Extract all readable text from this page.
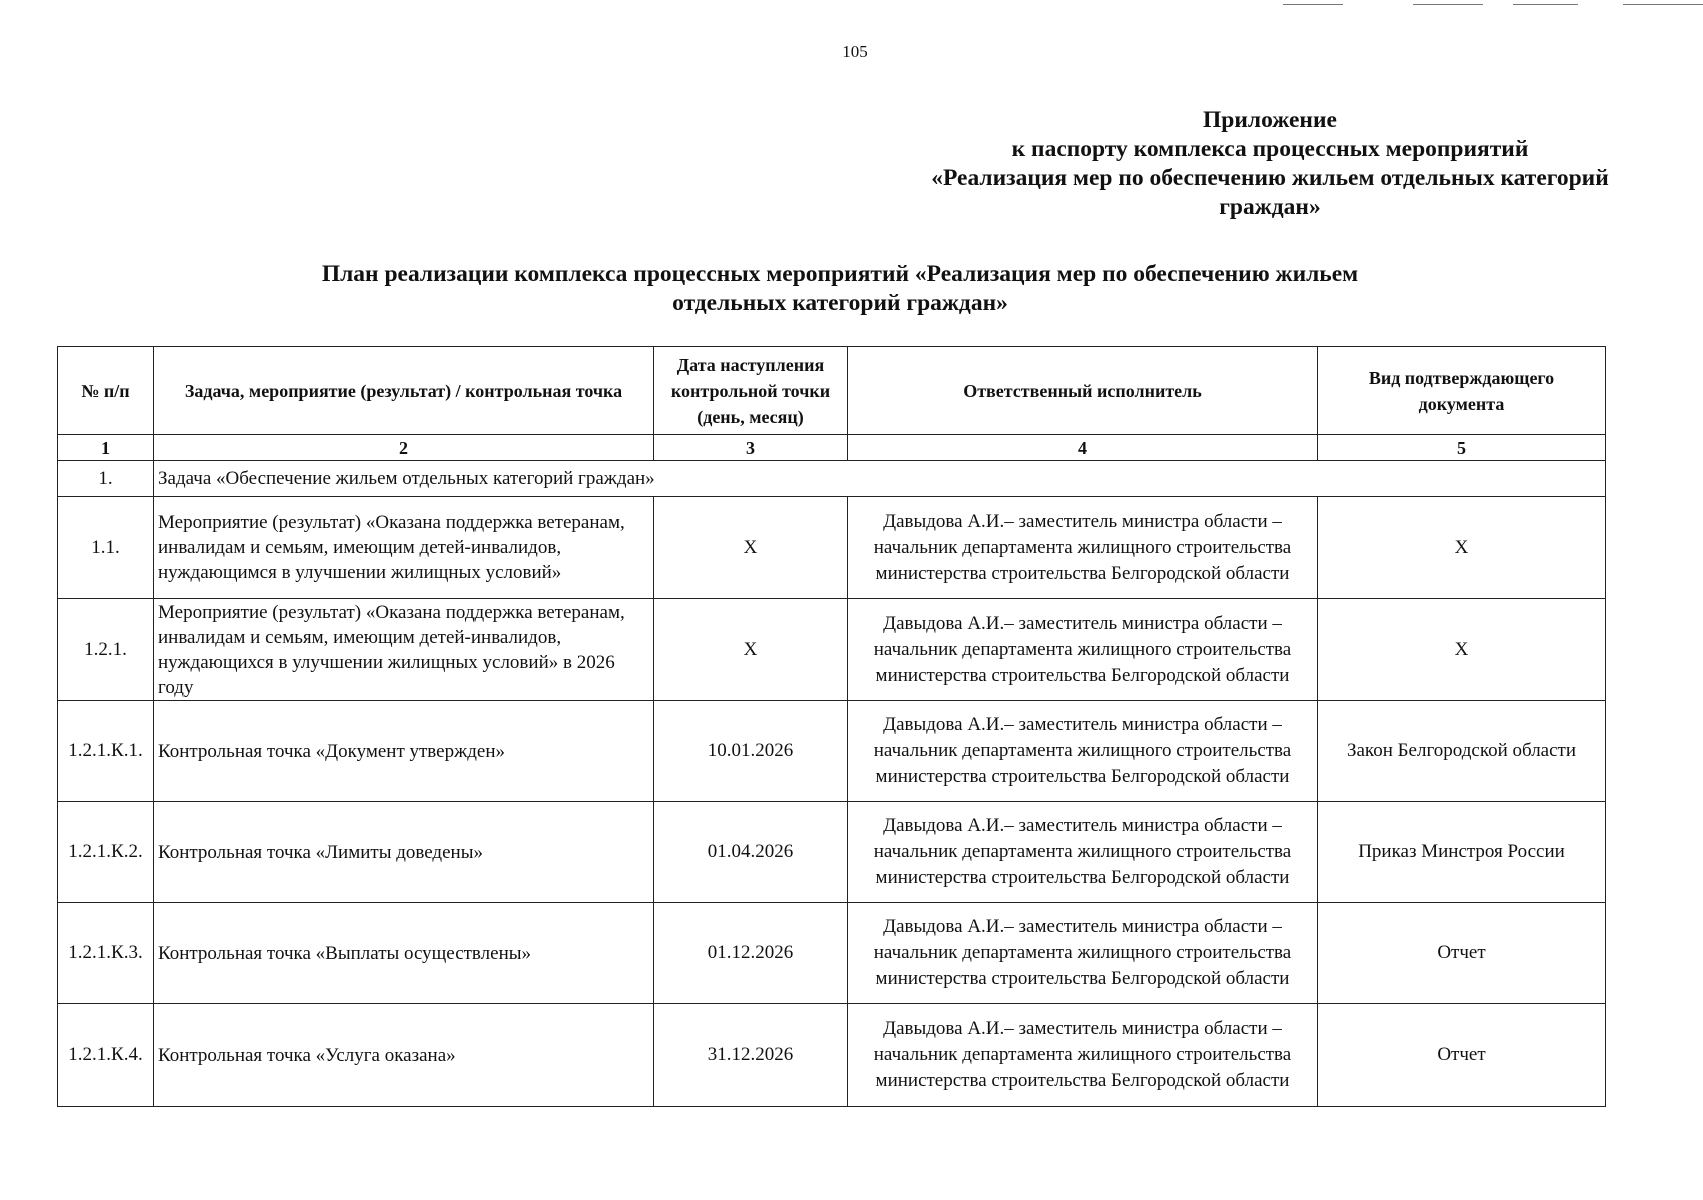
105
Приложение
к паспорту комплекса процессных мероприятий
«Реализация мер по обеспечению жильем отдельных категорий
граждан»
План реализации комплекса процессных мероприятий «Реализация мер по обеспечению жильем
отдельных категорий граждан»
№ п/п	Задача, мероприятие (результат) / контрольная точка	Дата наступления контрольной точки (день, месяц)	Ответственный исполнитель	Вид подтверждающего документа
1	2	3	4	5
1.	Задача «Обеспечение жильем отдельных категорий граждан»			
1.1.	Мероприятие (результат) «Оказана поддержка ветеранам, инвалидам и семьям, имеющим детей-инвалидов, нуждающимся в улучшении жилищных условий»	X	Давыдова А.И.– заместитель министра области – начальник департамента жилищного строительства министерства строительства Белгородской области	X
1.2.1.	Мероприятие (результат) «Оказана поддержка ветеранам, инвалидам и семьям, имеющим детей-инвалидов, нуждающихся в улучшении жилищных условий» в 2026 году	X	Давыдова А.И.– заместитель министра области – начальник департамента жилищного строительства министерства строительства Белгородской области	X
1.2.1.К.1.	Контрольная точка «Документ утвержден»	10.01.2026	Давыдова А.И.– заместитель министра области – начальник департамента жилищного строительства министерства строительства Белгородской области	Закон Белгородской области
1.2.1.К.2.	Контрольная точка «Лимиты доведены»	01.04.2026	Давыдова А.И.– заместитель министра области – начальник департамента жилищного строительства министерства строительства Белгородской области	Приказ Минстроя России
1.2.1.К.3.	Контрольная точка «Выплаты осуществлены»	01.12.2026	Давыдова А.И.– заместитель министра области – начальник департамента жилищного строительства министерства строительства Белгородской области	Отчет
1.2.1.К.4.	Контрольная точка «Услуга оказана»	31.12.2026	Давыдова А.И.– заместитель министра области – начальник департамента жилищного строительства министерства строительства Белгородской области	Отчет
